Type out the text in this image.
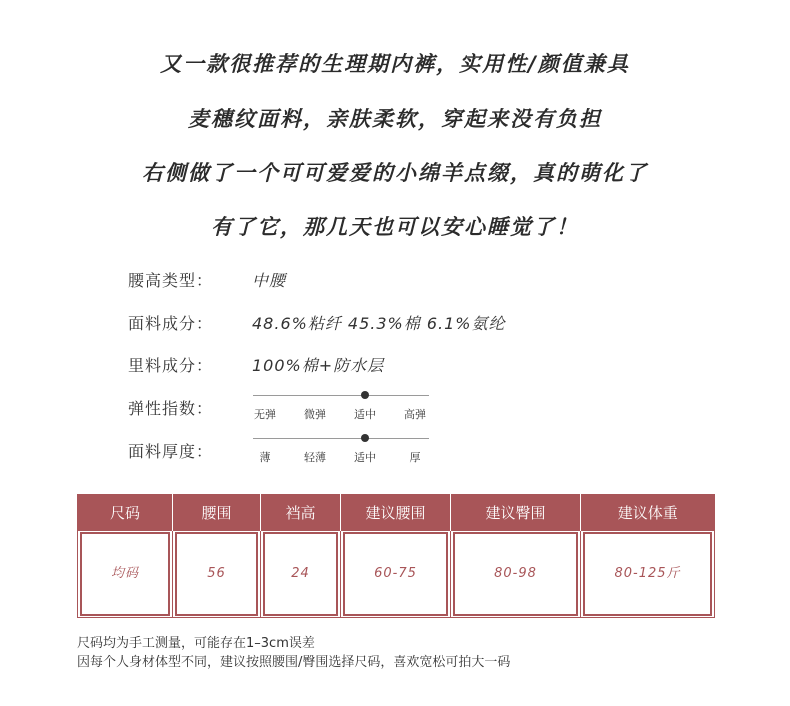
又一款很推荐的生理期内裤，实用性/颜值兼具
麦穗纹面料，亲肤柔软，穿起来没有负担
右侧做了一个可可爱爱的小绵羊点缀，真的萌化了
有了它，那几天也可以安心睡觉了！
腰高类型： 中腰
面料成分： 48.6%粘纤 45.3%棉 6.1%氨纶
里料成分： 100%棉+防水层
弹性指数：
面料厚度：
无弹	微弹	适中	高弹
薄	轻薄	适中	厚
尺码	腰围	裆高	建议腰围	建议臀围	建议体重

均码	56	24	60-75	80-98	80-125斤
尺码均为手工测量，可能存在1–3cm误差
因每个人身材体型不同，建议按照腰围/臀围选择尺码，喜欢宽松可拍大一码
